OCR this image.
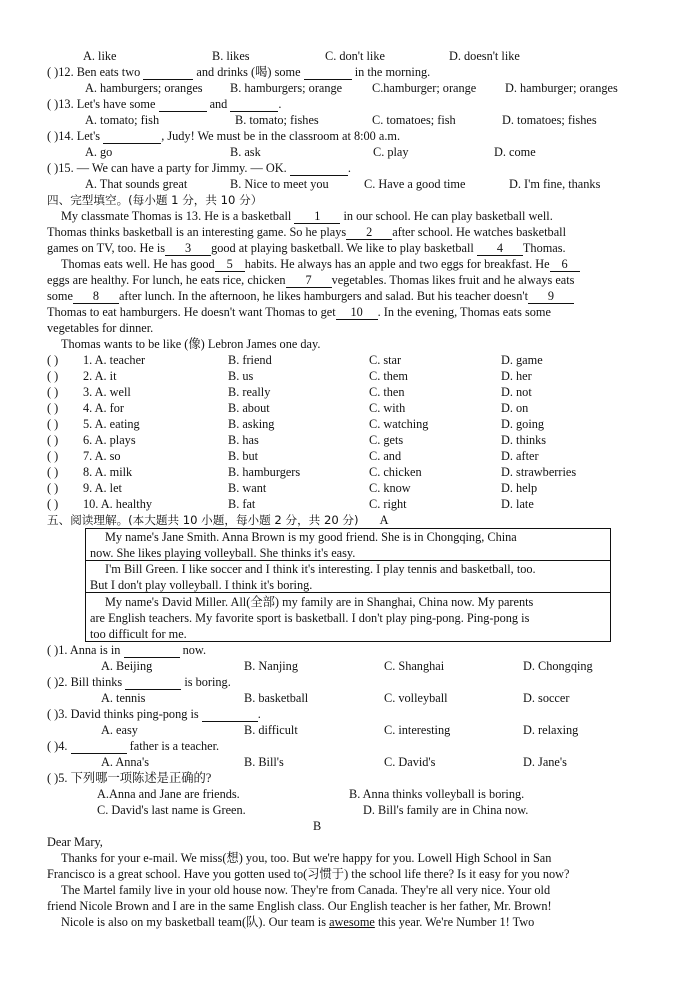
A. like	B. likes	C. don't like	D. doesn't like
( )12. Ben eats two	and drinks (喝) some	in the morning.
A. hamburgers; oranges B. hamburgers; orange C.hamburger; orange D. hamburger; oranges
( )13. Let's have some	and	.
A. tomato; fish	B. tomato; fishes	C. tomatoes; fish	D. tomatoes; fishes
( )14. Let's	, Judy! We must be in the classroom at 8:00 a.m.
A. go	B. ask	C. play	D. come
( )15. — We can have a party for Jimmy. — OK.	.
A. That sounds great	B. Nice to meet you	C. Have a good time	D. I'm fine, thanks
四、完型填空。(每小题 1 分，共 10 分）
My classmate Thomas is 13. He is a basketball 1 in our school. He can play basketball well.
Thomas thinks basketball is an interesting game. So he plays 2 after school. He watches basketball
games on TV, too. He is 3 good at playing basketball. We like to play basketball 4 Thomas.
Thomas eats well. He has good 5 habits. He always has an apple and two eggs for breakfast. He 6
eggs are healthy. For lunch, he eats rice, chicken 7 vegetables. Thomas likes fruit and he always eats
some 8 after lunch. In the afternoon, he likes hamburgers and salad. But his teacher doesn't 9
Thomas to eat hamburgers. He doesn't want Thomas to get 10 . In the evening, Thomas eats some
vegetables for dinner.
Thomas wants to be like (像) Lebron James one day.
( ) 1. A. teacher	B. friend	C. star	D. game
( ) 2. A. it	B. us	C. them	D. her
( ) 3. A. well	B. really	C. then	D. not
( ) 4. A. for	B. about	C. with	D. on
( ) 5. A. eating	B. asking	C. watching	D. going
( ) 6. A. plays	B. has	C. gets	D. thinks
( ) 7. A. so	B. but	C. and	D. after
( ) 8. A. milk	B. hamburgers	C. chicken	D. strawberries
( ) 9. A. let	B. want	C. know	D. help
( ) 10. A. healthy	B. fat	C. right	D. late
五、阅读理解。(本大题共 10 小题，每小题 2 分，共 20 分) A
My name's Jane Smith. Anna Brown is my good friend. She is in Chongqing, China
now. She likes playing volleyball. She thinks it's easy.
I'm Bill Green. I like soccer and I think it's interesting. I play tennis and basketball, too.
But I don't play volleyball. I think it's boring.
My name's David Miller. All(全部) my family are in Shanghai, China now. My parents
are English teachers. My favorite sport is basketball. I don't play ping-pong. Ping-pong is
too difficult for me.
( )1. Anna is in	now.
A. Beijing	B. Nanjing	C. Shanghai	D. Chongqing
( )2. Bill thinks	is boring.
A. tennis	B. basketball	C. volleyball	D. soccer
( )3. David thinks ping-pong is	.
A. easy	B. difficult	C. interesting	D. relaxing
( )4.	father is a teacher.
A. Anna's	B. Bill's	C. David's	D. Jane's
( )5. 下列哪一项陈述是正确的?
A.Anna and Jane are friends.	B. Anna thinks volleyball is boring.
C. David's last name is Green.	D. Bill's family are in China now.
B
Dear Mary,
Thanks for your e-mail. We miss(想) you, too. But we're happy for you. Lowell High School in San
Francisco is a great school. Have you gotten used to(习惯于) the school life there? Is it easy for you now?
The Martel family live in your old house now. They're from Canada. They're all very nice. Your old
friend Nicole Brown and I are in the same English class. Our English teacher is her father, Mr. Brown!
Nicole is also on my basketball team(队). Our team is awesome this year. We're Number 1! Two
